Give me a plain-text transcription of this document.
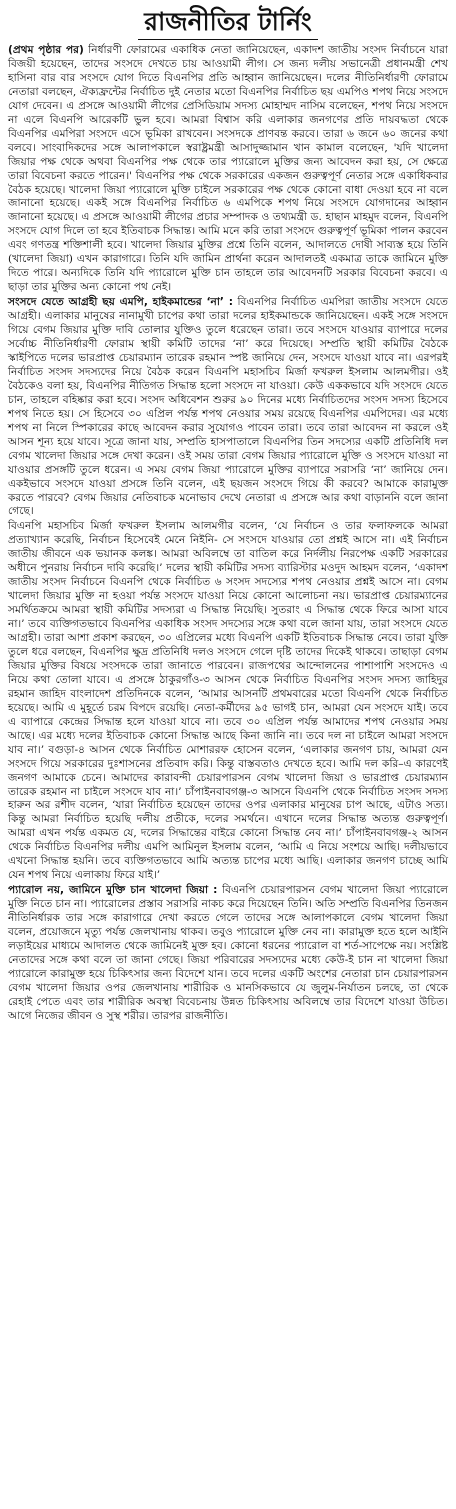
রাজনীতির টার্নিং

(প্রথম পৃষ্ঠার পর) নির্ধারণী ফোরামের একাধিক নেতা জানিয়েছেন, একাদশ জাতীয় সংসদ নির্বাচনে যারা বিজয়ী হয়েছেন, তাদের সংসদে দেখতে চায় আওয়ামী লীগ। সে জন্য দলীয় সভানেত্রী প্রধানমন্ত্রী শেখ হাসিনা বার বার সংসদে যোগ দিতে বিএনপির প্রতি আহ্বান জানিয়েছেন। দলের নীতিনির্ধারণী ফোরামে নেতারা বলছেন, ঐক্যফ্রন্টের নির্বাচিত দুই নেতার মতো বিএনপির নির্বাচিত ছয় এমপিও শপথ নিয়ে সংসদে যোগ দেবেন। এ প্রসঙ্গে আওয়ামী লীগের প্রেসিডিয়াম সদস্য মোহাম্মদ নাসিম বলেছেন, শপথ নিয়ে সংসদে না এলে বিএনপি আরেকটি ভুল হবে। আমরা বিশ্বাস করি এলাকার জনগণের প্রতি দায়বদ্ধতা থেকে বিএনপির এমপিরা সংসদে এসে ভূমিকা রাখবেন। সংসদকে প্রাণবন্ত করবে। তারা ৬ জনে ৬০ জনের কথা বলবে। সাংবাদিকদের সঙ্গে আলাপকালে স্বরাষ্ট্রমন্ত্রী আসাদুজ্জামান খান কামাল বলেছেন, 'যদি খালেদা জিয়ার পক্ষ থেকে অথবা বিএনপির পক্ষ থেকে তার প্যারোলে মুক্তির জন্য আবেদন করা হয়, সে ক্ষেত্রে তারা বিবেচনা করতে পারেন।' বিএনপির পক্ষ থেকে সরকারের একজন গুরুত্বপূর্ণ নেতার সঙ্গে একাধিকবার বৈঠক হয়েছে। খালেদা জিয়া প্যারোলে মুক্তি চাইলে সরকারের পক্ষ থেকে কোনো বাধা দেওয়া হবে না বলে জানানো হয়েছে। একই সঙ্গে বিএনপির নির্বাচিত ৬ এমপিকে শপথ নিয়ে সংসদে যোগদানের আহ্বান জানানো হয়েছে। এ প্রসঙ্গে আওয়ামী লীগের প্রচার সম্পাদক ও তথ্যমন্ত্রী ড. হাছান মাহমুদ বলেন, বিএনপি সংসদে যোগ দিলে তা হবে ইতিবাচক সিদ্ধান্ত। আমি মনে করি তারা সংসদে গুরুত্বপূর্ণ ভূমিকা পালন করবেন এবং গণতন্ত্র শক্তিশালী হবে। খালেদা জিয়ার মুক্তির প্রশ্নে তিনি বলেন, আদালতে দোষী সাব্যস্ত হয়ে তিনি (খালেদা জিয়া) এখন কারাগারে। তিনি যদি জামিন প্রার্থনা করেন আদালতই একমাত্র তাকে জামিনে মুক্তি দিতে পারে। অন্যদিকে তিনি যদি প্যারোলে মুক্তি চান তাহলে তার আবেদনটি সরকার বিবেচনা করবে। এ ছাড়া তার মুক্তির অন্য কোনো পথ নেই।

সংসদে যেতে আগ্রহী ছয় এমপি, হাইকমান্ডের ‘না’ : বিএনপির নির্বাচিত এমপিরা জাতীয় সংসদে যেতে আগ্রহী। এলাকার মানুষের নানামুখী চাপের কথা তারা দলের হাইকমান্ডকে জানিয়েছেন। একই সঙ্গে সংসদে গিয়ে বেগম জিয়ার মুক্তি দাবি তোলার যুক্তিও তুলে ধরেছেন তারা। তবে সংসদে যাওয়ার ব্যাপারে দলের সর্বোচ্চ নীতিনির্ধারণী ফোরাম স্থায়ী কমিটি তাদের ‘না’ করে দিয়েছে। সম্প্রতি স্থায়ী কমিটির বৈঠকে স্কাইপিতে দলের ভারপ্রাপ্ত চেয়ারম্যান তারেক রহমান স্পষ্ট জানিয়ে দেন, সংসদে যাওয়া যাবে না। এরপরই নির্বাচিত সংসদ সদস্যদের নিয়ে বৈঠক করেন বিএনপি মহাসচিব মির্জা ফখরুল ইসলাম আলমগীর। ওই বৈঠকেও বলা হয়, বিএনপির নীতিগত সিদ্ধান্ত হলো সংসদে না যাওয়া। কেউ এককভাবে যদি সংসদে যেতে চান, তাহলে বহিষ্কার করা হবে। সংসদ অধিবেশন শুরুর ৯০ দিনের মধ্যে নির্বাচিতদের সংসদ সদস্য হিসেবে শপথ নিতে হয়। সে হিসেবে ৩০ এপ্রিল পর্যন্ত শপথ নেওয়ার সময় রয়েছে বিএনপির এমপিদের। এর মধ্যে শপথ না নিলে স্পিকারের কাছে আবেদন করার সুযোগও পাবেন তারা। তবে তারা আবেদন না করলে ওই আসন শূন্য হয়ে যাবে। সূত্রে জানা যায়, সম্প্রতি হাসপাতালে বিএনপির তিন সদস্যের একটি প্রতিনিধি দল বেগম খালেদা জিয়ার সঙ্গে দেখা করেন। ওই সময় তারা বেগম জিয়ার প্যারোলে মুক্তি ও সংসদে যাওয়া না যাওয়ার প্রসঙ্গটি তুলে ধরেন। এ সময় বেগম জিয়া প্যারোলে মুক্তির ব্যাপারে সরাসরি ‘না’ জানিয়ে দেন। একইভাবে সংসদে যাওয়া প্রসঙ্গে তিনি বলেন, এই ছয়জন সংসদে গিয়ে কী করবে? আমাকে কারামুক্ত করতে পারবে? বেগম জিয়ার নেতিবাচক মনোভাব দেখে নেতারা এ প্রসঙ্গে আর কথা বাড়াননি বলে জানা গেছে।

বিএনপি মহাসচিব মির্জা ফখরুল ইসলাম আলমগীর বলেন, ‘যে নির্বাচন ও তার ফলাফলকে আমরা প্রত্যাখ্যান করেছি, নির্বাচন হিসেবেই মেনে নিইনি- সে সংসদে যাওয়ার তো প্রশ্নই আসে না। এই নির্বাচন জাতীয় জীবনে এক ভয়ানক কলঙ্ক। আমরা অবিলম্বে তা বাতিল করে নির্দলীয় নিরপেক্ষ একটি সরকারের অধীনে পুনরায় নির্বাচন দাবি করেছি।’ দলের স্থায়ী কমিটির সদস্য ব্যারিস্টার মওদুদ আহমদ বলেন, ‘একাদশ জাতীয় সংসদ নির্বাচনে বিএনপি থেকে নির্বাচিত ৬ সংসদ সদস্যের শপথ নেওয়ার প্রশ্নই আসে না। বেগম খালেদা জিয়ার মুক্তি না হওয়া পর্যন্ত সংসদে যাওয়া নিয়ে কোনো আলোচনা নয়। ভারপ্রাপ্ত চেয়ারম্যানের সমর্থিতক্রমে আমরা স্থায়ী কমিটির সদস্যরা এ সিদ্ধান্ত নিয়েছি। সুতরাং এ সিদ্ধান্ত থেকে ফিরে আসা যাবে না।’ তবে ব্যক্তিগতভাবে বিএনপির একাধিক সংসদ সদস্যের সঙ্গে কথা বলে জানা যায়, তারা সংসদে যেতে আগ্রহী। তারা আশা প্রকাশ করছেন, ৩০ এপ্রিলের মধ্যে বিএনপি একটি ইতিবাচক সিদ্ধান্ত নেবে। তারা যুক্তি তুলে ধরে বলছেন, বিএনপির ক্ষুদ্র প্রতিনিধি দলও সংসদে গেলে দৃষ্টি তাদের দিকেই থাকবে। তাছাড়া বেগম জিয়ার মুক্তির বিষয়ে সংসদকে তারা জানাতে পারবেন। রাজপথের আন্দোলনের পাশাপাশি সংসদেও এ নিয়ে কথা তোলা যাবে। এ প্রসঙ্গে ঠাকুরগাঁও-৩ আসন থেকে নির্বাচিত বিএনপির সংসদ সদস্য জাহিদুর রহমান জাহিদ বাংলাদেশ প্রতিদিনকে বলেন, ‘আমার আসনটি প্রথমবারের মতো বিএনপি থেকে নির্বাচিত হয়েছে। আমি এ মুহূর্তে চরম বিপদে রয়েছি। নেতা-কর্মীদের ৯৫ ভাগই চান, আমরা যেন সংসদে যাই। তবে এ ব্যাপারে কেন্দ্রের সিদ্ধান্ত হলে যাওয়া যাবে না। তবে ৩০ এপ্রিল পর্যন্ত আমাদের শপথ নেওয়ার সময় আছে। এর মধ্যে দলের ইতিবাচক কোনো সিদ্ধান্ত আছে কিনা জানি না। তবে দল না চাইলে আমরা সংসদে যাব না।’ বগুড়া-৪ আসন থেকে নির্বাচিত মোশাররফ হোসেন বলেন, ‘এলাকার জনগণ চায়, আমরা যেন সংসদে গিয়ে সরকারের দুঃশাসনের প্রতিবাদ করি। কিন্তু বাস্তবতাও দেখতে হবে। আমি দল করি–এ কারণেই জনগণ আমাকে চেনে। আমাদের কারাবন্দী চেয়ারপারসন বেগম খালেদা জিয়া ও ভারপ্রাপ্ত চেয়ারম্যান তারেক রহমান না চাইলে সংসদে যাব না।’ চাঁপাইনবাবগঞ্জ-৩ আসনে বিএনপি থেকে নির্বাচিত সংসদ সদস্য হারুন অর রশীদ বলেন, ‘যারা নির্বাচিত হয়েছেন তাদের ওপর এলাকার মানুষের চাপ আছে, এটাও সত্য। কিন্তু আমরা নির্বাচিত হয়েছি দলীয় প্রতীকে, দলের সমর্থনে। এখানে দলের সিদ্ধান্ত অত্যন্ত গুরুত্বপূর্ণ। আমরা এখন পর্যন্ত একমত যে, দলের সিদ্ধান্তের বাইরে কোনো সিদ্ধান্ত নেব না।’ চাঁপাইনবাবগঞ্জ-২ আসন থেকে নির্বাচিত বিএনপির দলীয় এমপি আমিনুল ইসলাম বলেন, ‘আমি এ নিয়ে সংশয়ে আছি। দলীয়ভাবে এখনো সিদ্ধান্ত হয়নি। তবে ব্যক্তিগতভাবে আমি অত্যন্ত চাপের মধ্যে আছি। এলাকার জনগণ চাচ্ছে আমি যেন শপথ নিয়ে এলাকায় ফিরে যাই।’

প্যারোল নয়, জামিনে মুক্তি চান খালেদা জিয়া : বিএনপি চেয়ারপারসন বেগম খালেদা জিয়া প্যারোলে মুক্তি নিতে চান না। প্যারোলের প্রস্তাব সরাসরি নাকচ করে দিয়েছেন তিনি। অতি সম্প্রতি বিএনপির তিনজন নীতিনির্ধারক তার সঙ্গে কারাগারে দেখা করতে গেলে তাদের সঙ্গে আলাপকালে বেগম খালেদা জিয়া বলেন, প্রয়োজনে মৃত্যু পর্যন্ত জেলখানায় থাকব। তবুও প্যারোলে মুক্তি নেব না। কারামুক্ত হতে হলে আইনি লড়াইয়ের মাধ্যমে আদালত থেকে জামিনেই মুক্ত হব। কোনো ধরনের প্যারোল বা শর্ত-সাপেক্ষে নয়। সংশ্লিষ্ট নেতাদের সঙ্গে কথা বলে তা জানা গেছে। জিয়া পরিবারের সদস্যদের মধ্যে কেউ-ই চান না খালেদা জিয়া প্যারোলে কারামুক্ত হয়ে চিকিৎসার জন্য বিদেশে যান। তবে দলের একটি অংশের নেতারা চান চেয়ারপারসন বেগম খালেদা জিয়ার ওপর জেলখানায় শারীরিক ও মানসিকভাবে যে জুলুম-নির্যাতন চলছে, তা থেকে রেহাই পেতে এবং তার শারীরিক অবস্থা বিবেচনায় উন্নত চিকিৎসায় অবিলম্বে তার বিদেশে যাওয়া উচিত। আগে নিজের জীবন ও সুস্থ শরীর। তারপর রাজনীতি।
